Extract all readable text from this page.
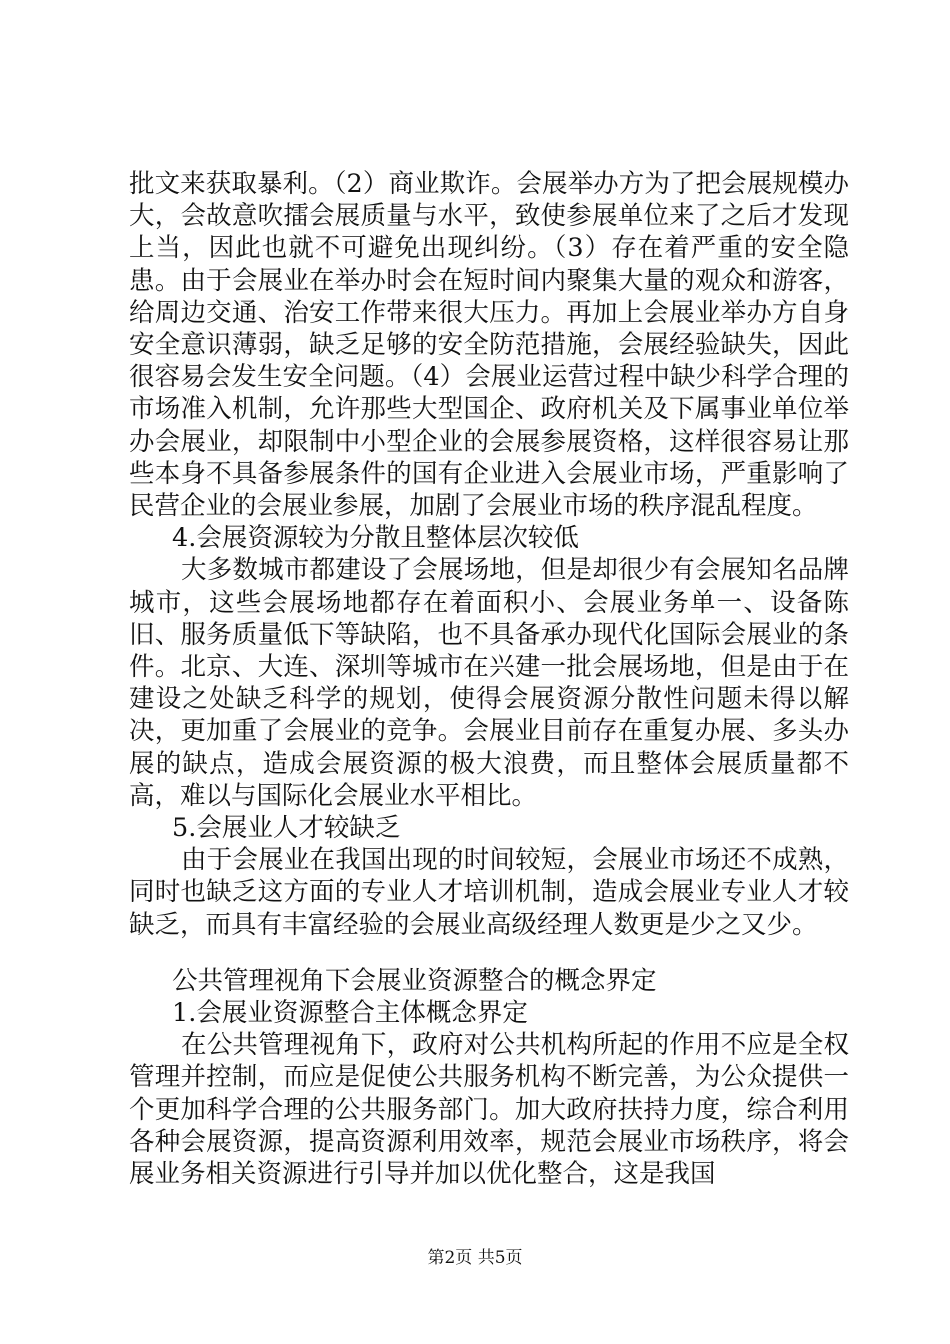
批文来获取暴利。（2）商业欺诈。会展举办方为了把会展规模办大，会故意吹擂会展质量与水平，致使参展单位来了之后才发现上当，因此也就不可避免出现纠纷。（3）存在着严重的安全隐患。由于会展业在举办时会在短时间内聚集大量的观众和游客，给周边交通、治安工作带来很大压力。再加上会展业举办方自身安全意识薄弱，缺乏足够的安全防范措施，会展经验缺失，因此很容易会发生安全问题。（4）会展业运营过程中缺少科学合理的市场准入机制，允许那些大型国企、政府机关及下属事业单位举办会展业，却限制中小型企业的会展参展资格，这样很容易让那些本身不具备参展条件的国有企业进入会展业市场，严重影响了民营企业的会展业参展，加剧了会展业市场的秩序混乱程度。

4.会展资源较为分散且整体层次较低

大多数城市都建设了会展场地，但是却很少有会展知名品牌城市，这些会展场地都存在着面积小、会展业务单一、设备陈旧、服务质量低下等缺陷，也不具备承办现代化国际会展业的条件。北京、大连、深圳等城市在兴建一批会展场地，但是由于在建设之处缺乏科学的规划，使得会展资源分散性问题未得以解决，更加重了会展业的竞争。会展业目前存在重复办展、多头办展的缺点，造成会展资源的极大浪费，而且整体会展质量都不高，难以与国际化会展业水平相比。

5.会展业人才较缺乏

由于会展业在我国出现的时间较短，会展业市场还不成熟，同时也缺乏这方面的专业人才培训机制，造成会展业专业人才较缺乏，而具有丰富经验的会展业高级经理人数更是少之又少。

公共管理视角下会展业资源整合的概念界定

1.会展业资源整合主体概念界定

在公共管理视角下，政府对公共机构所起的作用不应是全权管理并控制，而应是促使公共服务机构不断完善，为公众提供一个更加科学合理的公共服务部门。加大政府扶持力度，综合利用各种会展资源，提高资源利用效率，规范会展业市场秩序，将会展业务相关资源进行引导并加以优化整合，这是我国

第2页 共5页
